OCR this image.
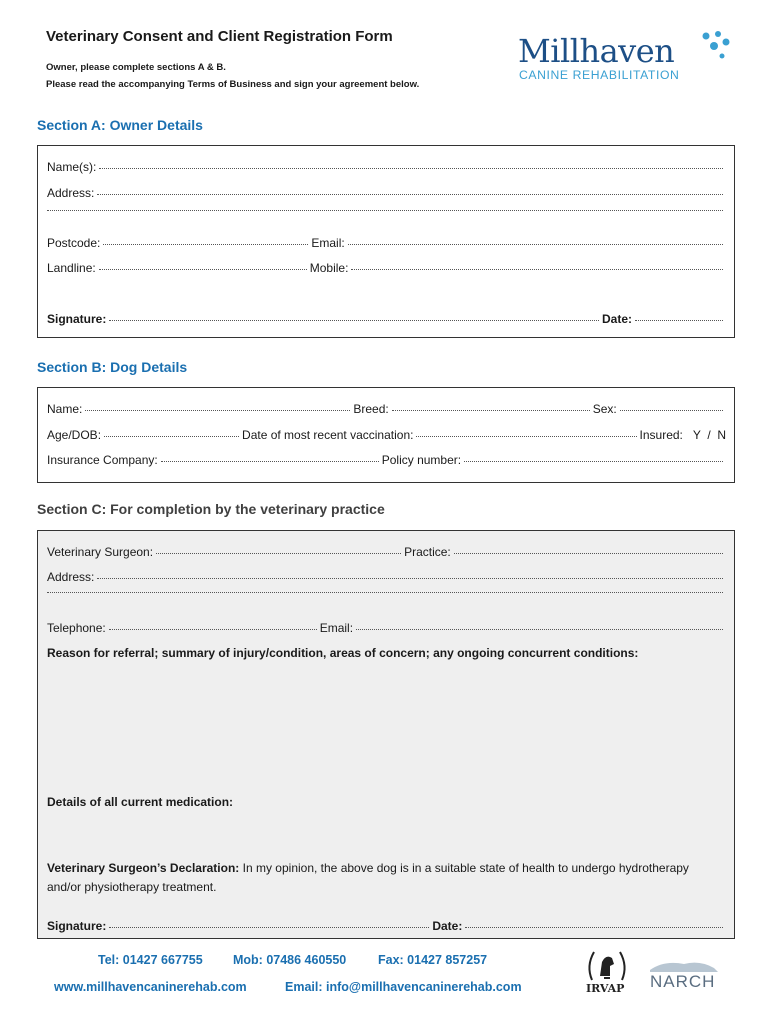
Veterinary Consent and Client Registration Form
Owner, please complete sections A & B.
Please read the accompanying Terms of Business and sign your agreement below.
Millhaven
CANINE REHABILITATION
Section A: Owner Details
Name(s):
Address:
Postcode:	Email:
Landline:	Mobile:
Signature:	Date:
Section B: Dog Details
Name:	Breed:	Sex:
Age/DOB:	Date of most recent vaccination:	Insured: Y  /  N
Insurance Company:	Policy number:
Section C: For completion by the veterinary practice
Veterinary Surgeon:	Practice:
Address:
Telephone:	Email:
Reason for referral; summary of injury/condition, areas of concern; any ongoing concurrent conditions:
Details of all current medication:
Veterinary Surgeon’s Declaration: In my opinion, the above dog is in a suitable state of health to undergo hydrotherapy and/or physiotherapy treatment.
Signature:	Date:
Tel: 01427 667755 Mob: 07486 460550	Fax: 01427 857257
www.millhavencaninerehab.com	Email: info@millhavencaninerehab.com	IRVAP NARCH
